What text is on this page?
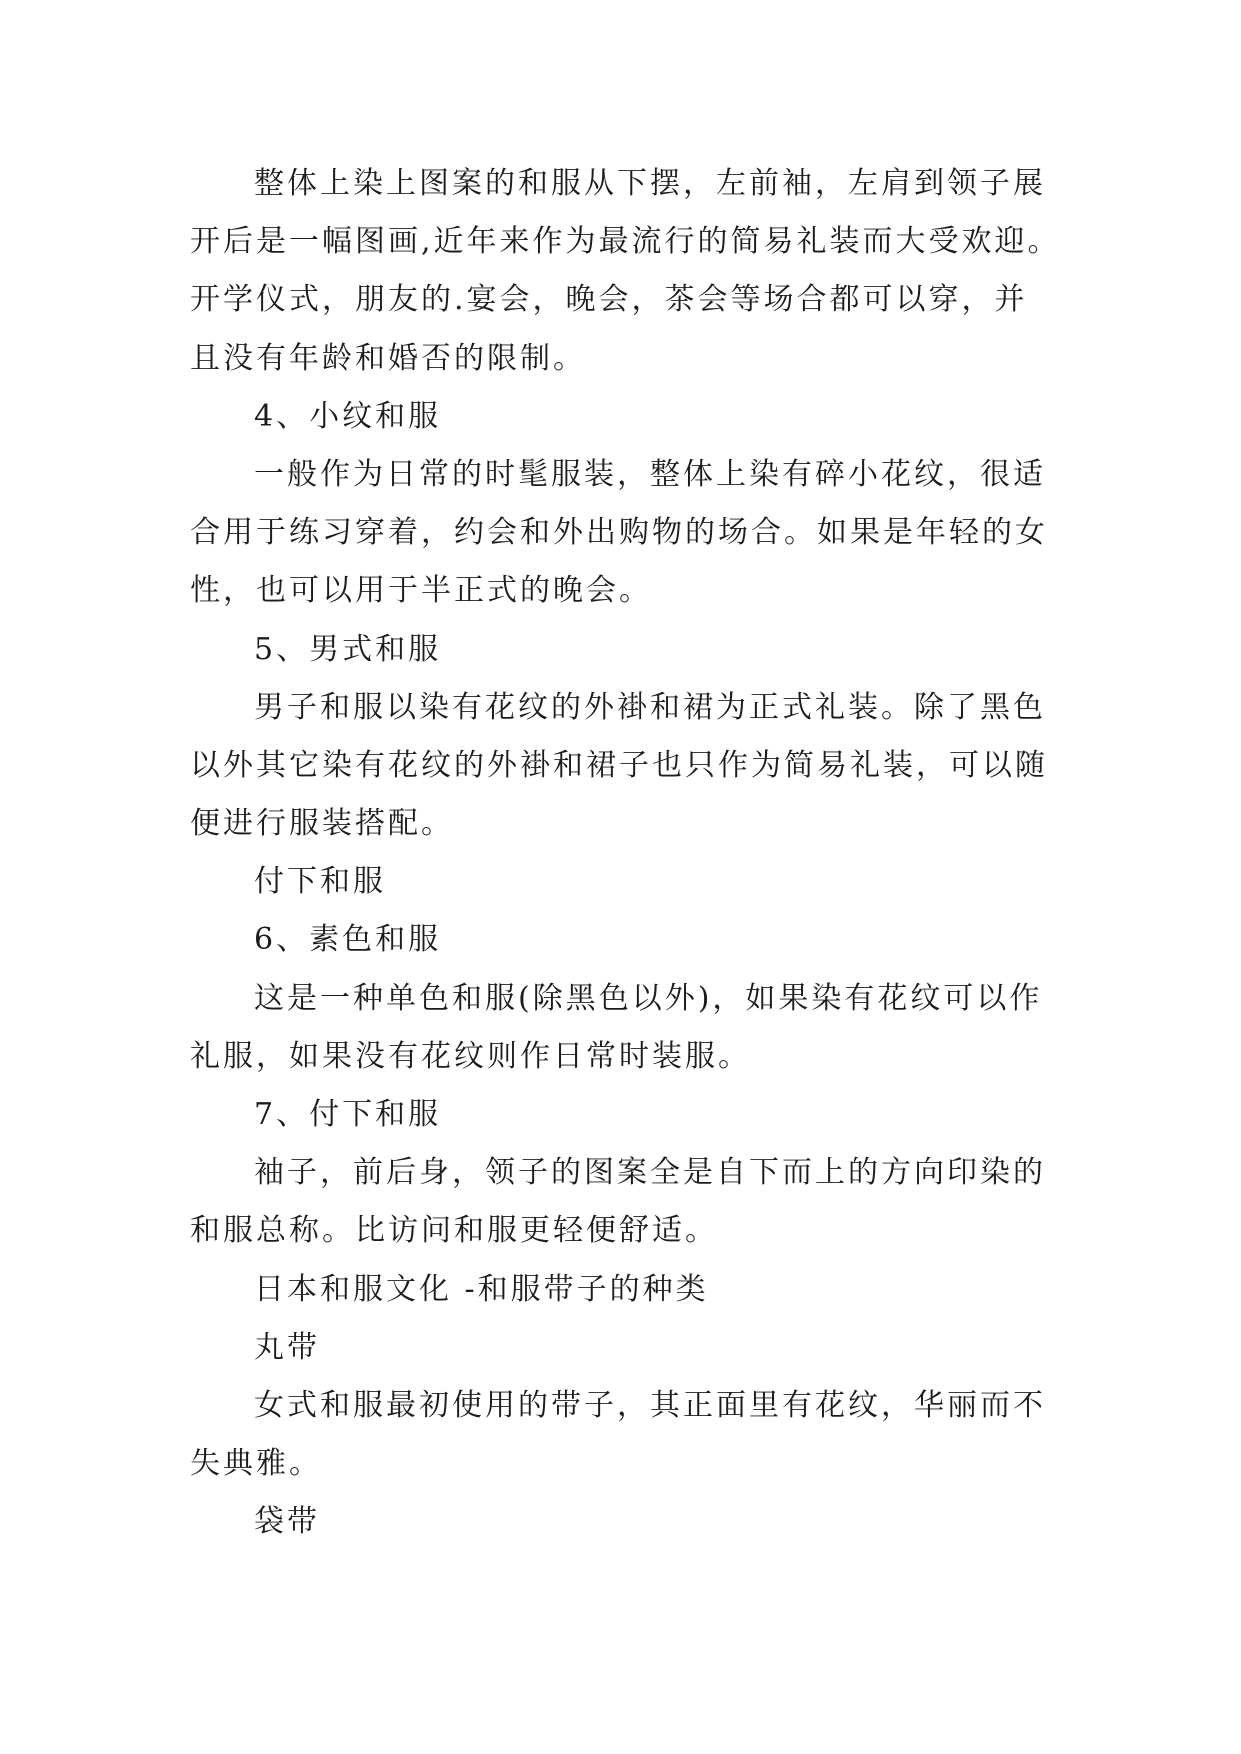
整体上染上图案的和服从下摆，左前袖，左肩到领子展
开后是一幅图画,近年来作为最流行的简易礼装而大受欢迎。
开学仪式，朋友的.宴会，晚会，茶会等场合都可以穿，并
且没有年龄和婚否的限制。
4、小纹和服
一般作为日常的时髦服装，整体上染有碎小花纹，很适
合用于练习穿着，约会和外出购物的场合。如果是年轻的女
性，也可以用于半正式的晚会。
5、男式和服
男子和服以染有花纹的外褂和裙为正式礼装。除了黑色
以外其它染有花纹的外褂和裙子也只作为简易礼装，可以随
便进行服装搭配。
付下和服
6、素色和服
这是一种单色和服(除黑色以外)，如果染有花纹可以作
礼服，如果没有花纹则作日常时装服。
7、付下和服
袖子，前后身，领子的图案全是自下而上的方向印染的
和服总称。比访问和服更轻便舒适。
日本和服文化 -和服带子的种类
丸带
女式和服最初使用的带子，其正面里有花纹，华丽而不
失典雅。
袋带
